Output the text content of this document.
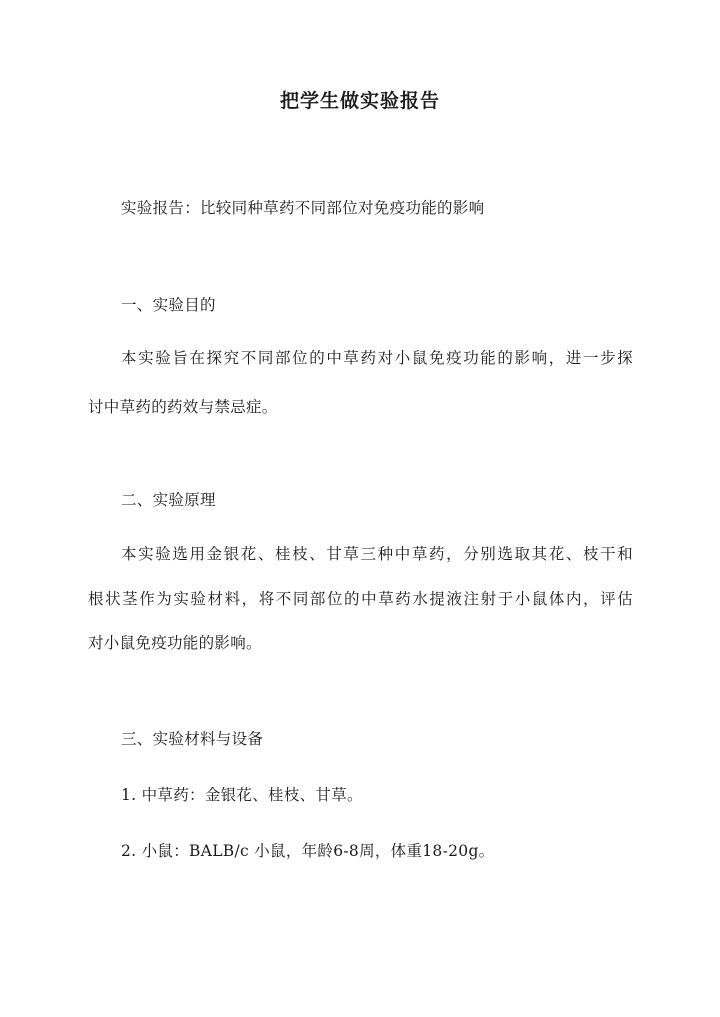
把学生做实验报告
实验报告：比较同种草药不同部位对免疫功能的影响
一、实验目的
本实验旨在探究不同部位的中草药对小鼠免疫功能的影响，进一步探
讨中草药的药效与禁忌症。
二、实验原理
本实验选用金银花、桂枝、甘草三种中草药，分别选取其花、枝干和
根状茎作为实验材料，将不同部位的中草药水提液注射于小鼠体内，评估
对小鼠免疫功能的影响。
三、实验材料与设备
1. 中草药：金银花、桂枝、甘草。
2. 小鼠：BALB/c 小鼠，年龄6-8周，体重18-20g。
